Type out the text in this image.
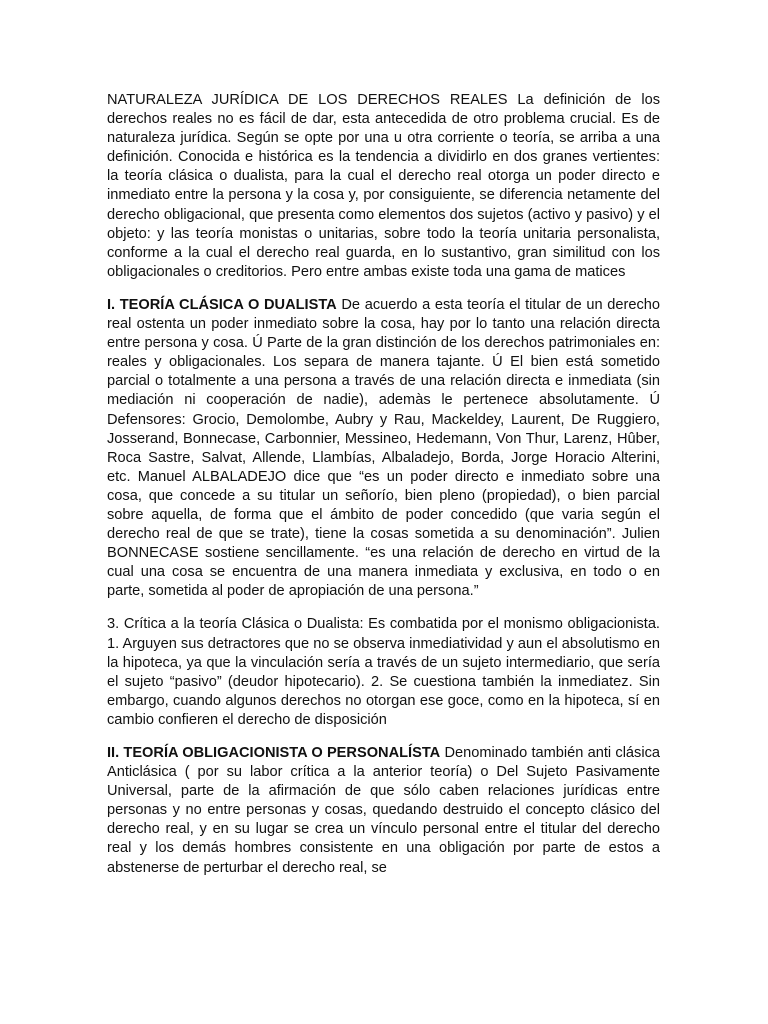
NATURALEZA JURÍDICA DE LOS DERECHOS REALES La definición de los derechos reales no es fácil de dar, esta antecedida de otro problema crucial. Es de naturaleza jurídica. Según se opte por una u otra corriente o teoría, se arriba a una definición. Conocida e histórica es la tendencia a dividirlo en dos granes vertientes: la teoría clásica o dualista, para la cual el derecho real otorga un poder directo e inmediato entre la persona y la cosa y, por consiguiente, se diferencia netamente del derecho obligacional, que presenta como elementos dos sujetos (activo y pasivo) y el objeto: y las teoría monistas o unitarias, sobre todo la teoría unitaria personalista, conforme a la cual el derecho real guarda, en lo sustantivo, gran similitud con los obligacionales o creditorios. Pero entre ambas existe toda una gama de matices

I. TEORÍA CLÁSICA O DUALISTA De acuerdo a esta teoría el titular de un derecho real ostenta un poder inmediato sobre la cosa, hay por lo tanto una relación directa entre persona y cosa. Ú Parte de la gran distinción de los derechos patrimoniales en: reales y obligacionales. Los separa de manera tajante. Ú El bien está sometido parcial o totalmente a una persona a través de una relación directa e inmediata (sin mediación ni cooperación de nadie), ademàs le pertenece absolutamente. Ú Defensores: Grocio, Demolombe, Aubry y Rau, Mackeldey, Laurent, De Ruggiero, Josserand, Bonnecase, Carbonnier, Messineo, Hedemann, Von Thur, Larenz, Hûber, Roca Sastre, Salvat, Allende, Llambías, Albaladejo, Borda, Jorge Horacio Alterini, etc. Manuel ALBALADEJO dice que “es un poder directo e inmediato sobre una cosa, que concede a su titular un señorío, bien pleno (propiedad), o bien parcial sobre aquella, de forma que el ámbito de poder concedido (que varia según el derecho real de que se trate), tiene la cosas sometida a su denominación”. Julien BONNECASE sostiene sencillamente. “es una relación de derecho en virtud de la cual una cosa se encuentra de una manera inmediata y exclusiva, en todo o en parte, sometida al poder de apropiación de una persona.”

3. Crítica a la teoría Clásica o Dualista: Es combatida por el monismo obligacionista. 1. Arguyen sus detractores que no se observa inmediatividad y aun el absolutismo en la hipoteca, ya que la vinculación sería a través de un sujeto intermediario, que sería el sujeto “pasivo” (deudor hipotecario). 2. Se cuestiona también la inmediatez. Sin embargo, cuando algunos derechos no otorgan ese goce, como en la hipoteca, sí en cambio confieren el derecho de disposición

II. TEORÍA OBLIGACIONISTA O PERSONALÍSTA Denominado también anti clásica Anticlásica ( por su labor crítica a la anterior teoría) o Del Sujeto Pasivamente Universal, parte de la afirmación de que sólo caben relaciones jurídicas entre personas y no entre personas y cosas, quedando destruido el concepto clásico del derecho real, y en su lugar se crea un vínculo personal entre el titular del derecho real y los demás hombres consistente en una obligación por parte de estos a abstenerse de perturbar el derecho real, se
